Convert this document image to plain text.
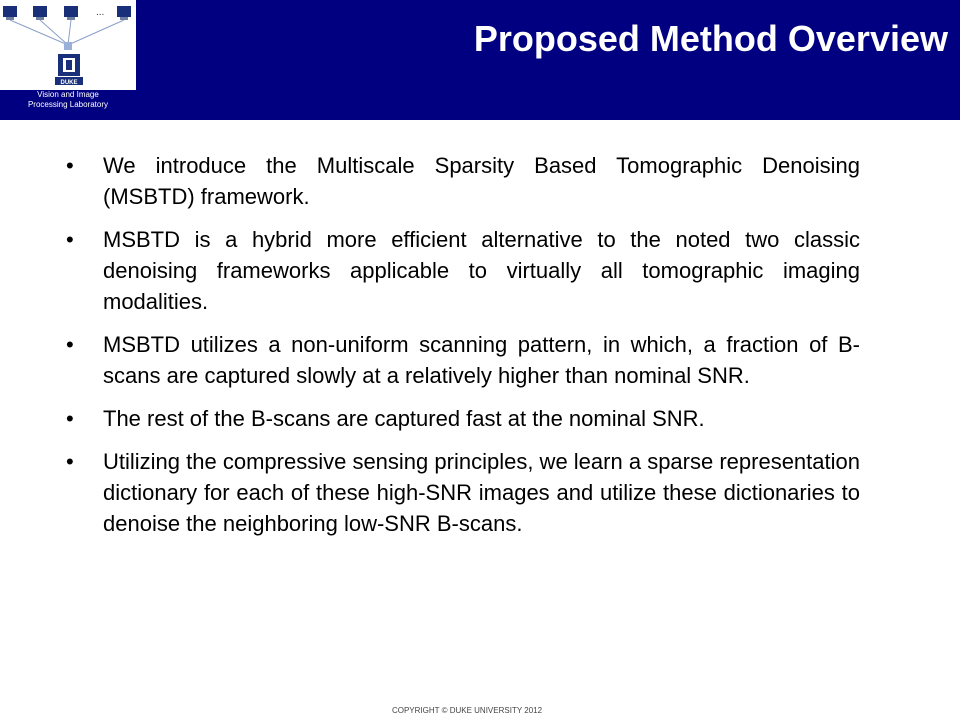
...
DUKE
Vision and Image
Processing Laboratory
Proposed Method Overview
• We introduce the Multiscale Sparsity Based Tomographic Denoising (MSBTD) framework.
• MSBTD is a hybrid more efficient alternative to the noted two classic denoising frameworks applicable to virtually all tomographic imaging modalities.
• MSBTD utilizes a non-uniform scanning pattern, in which, a fraction of B-scans are captured slowly at a relatively higher than nominal SNR.
• The rest of the B-scans are captured fast at the nominal SNR.
• Utilizing the compressive sensing principles, we learn a sparse representation dictionary for each of these high-SNR images and utilize these dictionaries to denoise the neighboring low-SNR B-scans.
COPYRIGHT © DUKE UNIVERSITY 2012
